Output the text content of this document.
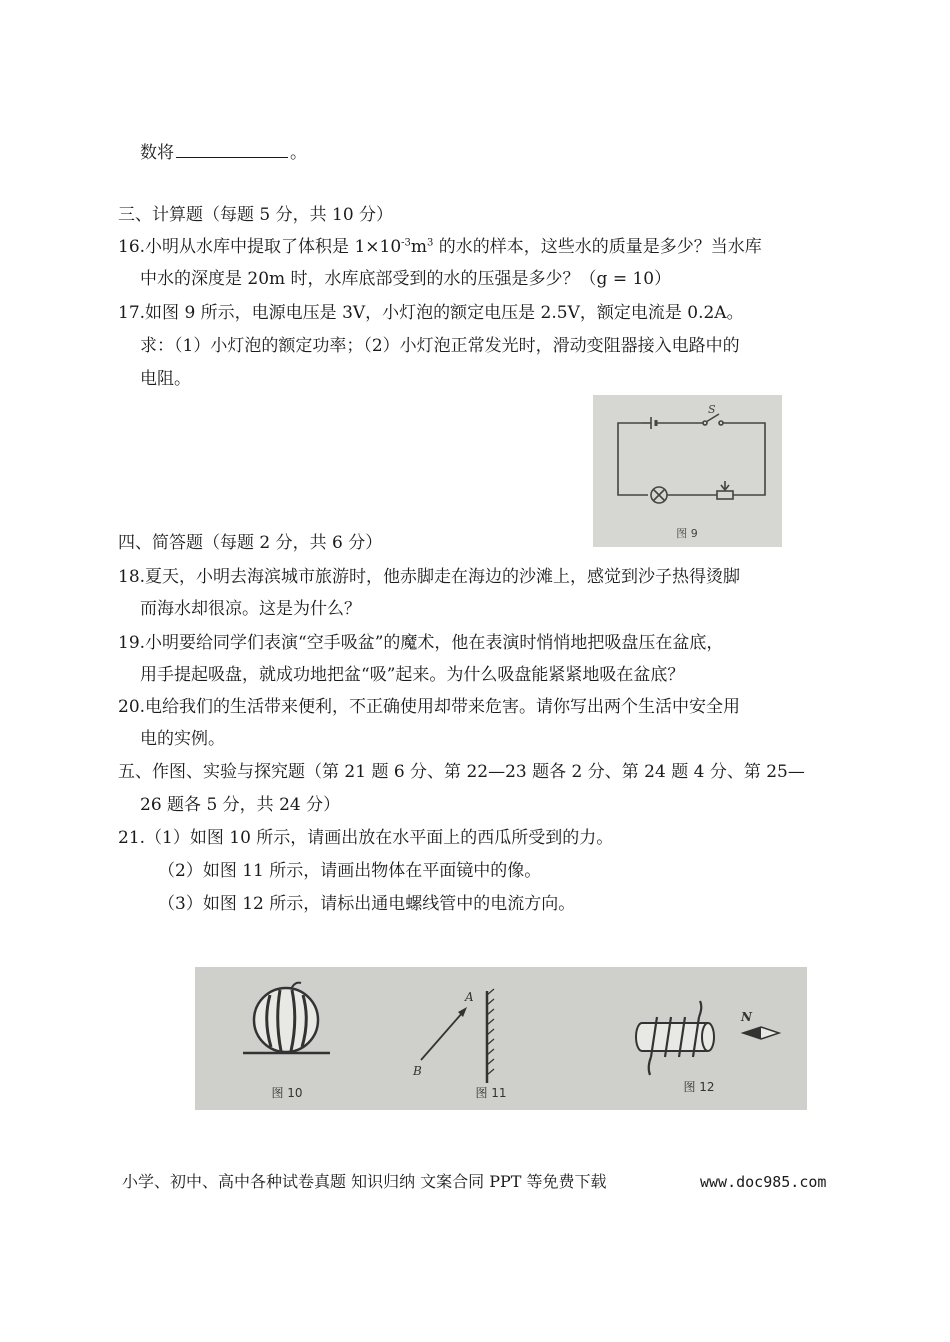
数将	。
三、计算题（每题 5 分，共 10 分）
16.小明从水库中提取了体积是 $1\times 10^{-3}m^3$ 的水的样本，这些水的质量是多少？当水库
中水的深度是 20m 时，水库底部受到的水的压强是多少？（g = 10）
17.如图 9 所示，电源电压是 3V，小灯泡的额定电压是 2.5V，额定电流是 0.2A。
求：（1）小灯泡的额定功率；（2）小灯泡正常发光时，滑动变阻器接入电路中的
电阻。
S
图 9
四、简答题（每题 2 分，共 6 分）
18.夏天，小明去海滨城市旅游时，他赤脚走在海边的沙滩上，感觉到沙子热得烫脚
而海水却很凉。这是为什么？
19.小明要给同学们表演“空手吸盆”的魔术，他在表演时悄悄地把吸盘压在盆底，
用手提起吸盘，就成功地把盆“吸”起来。为什么吸盘能紧紧地吸在盆底？
20.电给我们的生活带来便利，不正确使用却带来危害。请你写出两个生活中安全用
电的实例。
五、作图、实验与探究题（第 21 题 6 分、第 22—23 题各 2 分、第 24 题 4 分、第 25—
26 题各 5 分，共 24 分）
21.（1）如图 10 所示，请画出放在水平面上的西瓜所受到的力。
（2）如图 11 所示，请画出物体在平面镜中的像。
（3）如图 12 所示，请标出通电螺线管中的电流方向。
图 10
A
B
图 11
N
图 12
小学、初中、高中各种试卷真题 知识归纳 文案合同 PPT 等免费下载	www.doc985.com
